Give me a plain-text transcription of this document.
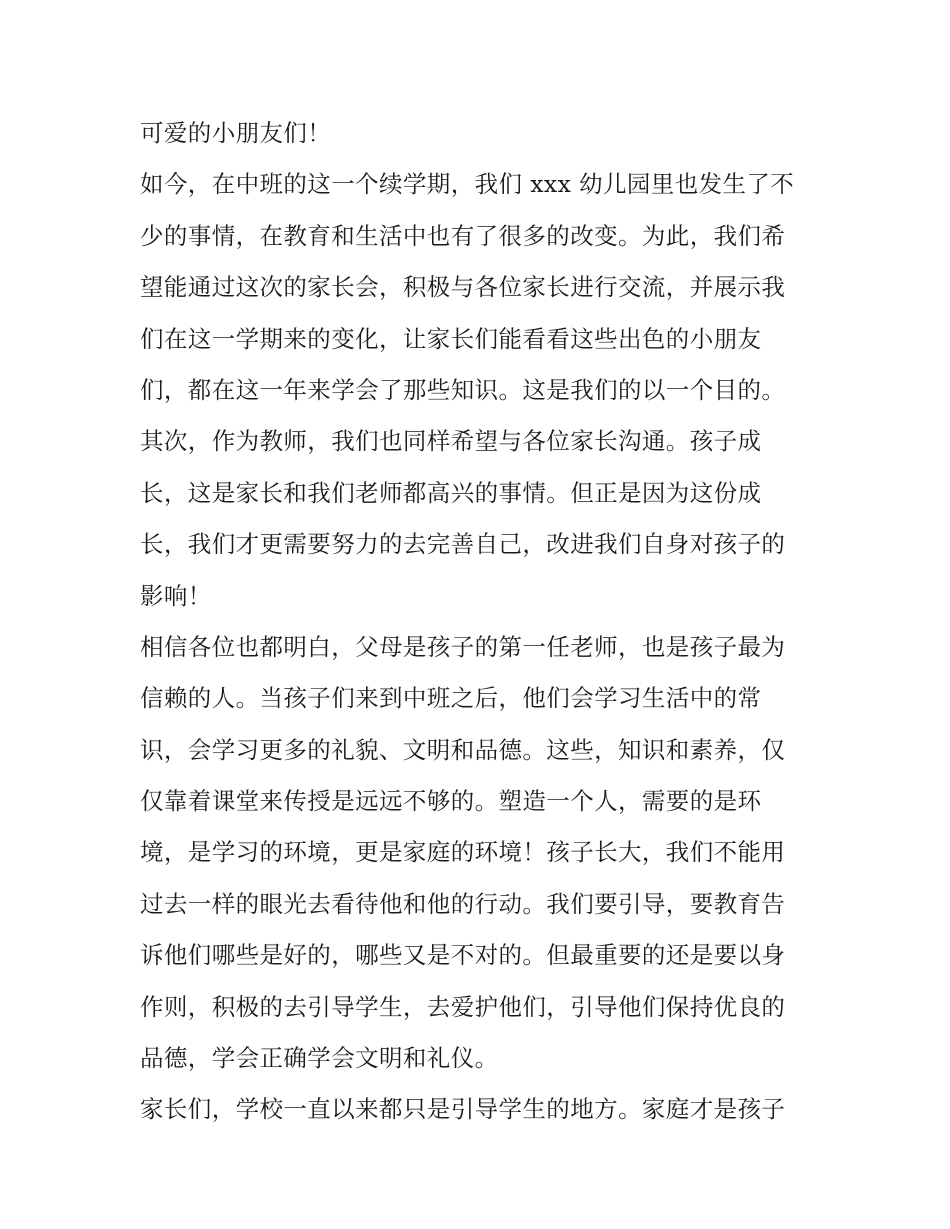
可爱的小朋友们！
如今，在中班的这一个续学期，我们 xxx 幼儿园里也发生了不
少的事情，在教育和生活中也有了很多的改变。为此，我们希
望能通过这次的家长会，积极与各位家长进行交流，并展示我
们在这一学期来的变化，让家长们能看看这些出色的小朋友
们，都在这一年来学会了那些知识。这是我们的以一个目的。
其次，作为教师，我们也同样希望与各位家长沟通。孩子成
长，这是家长和我们老师都高兴的事情。但正是因为这份成
长，我们才更需要努力的去完善自己，改进我们自身对孩子的
影响！
相信各位也都明白，父母是孩子的第一任老师，也是孩子最为
信赖的人。当孩子们来到中班之后，他们会学习生活中的常
识，会学习更多的礼貌、文明和品德。这些，知识和素养，仅
仅靠着课堂来传授是远远不够的。塑造一个人，需要的是环
境，是学习的环境，更是家庭的环境！孩子长大，我们不能用
过去一样的眼光去看待他和他的行动。我们要引导，要教育告
诉他们哪些是好的，哪些又是不对的。但最重要的还是要以身
作则，积极的去引导学生，去爱护他们，引导他们保持优良的
品德，学会正确学会文明和礼仪。
家长们，学校一直以来都只是引导学生的地方。家庭才是孩子
